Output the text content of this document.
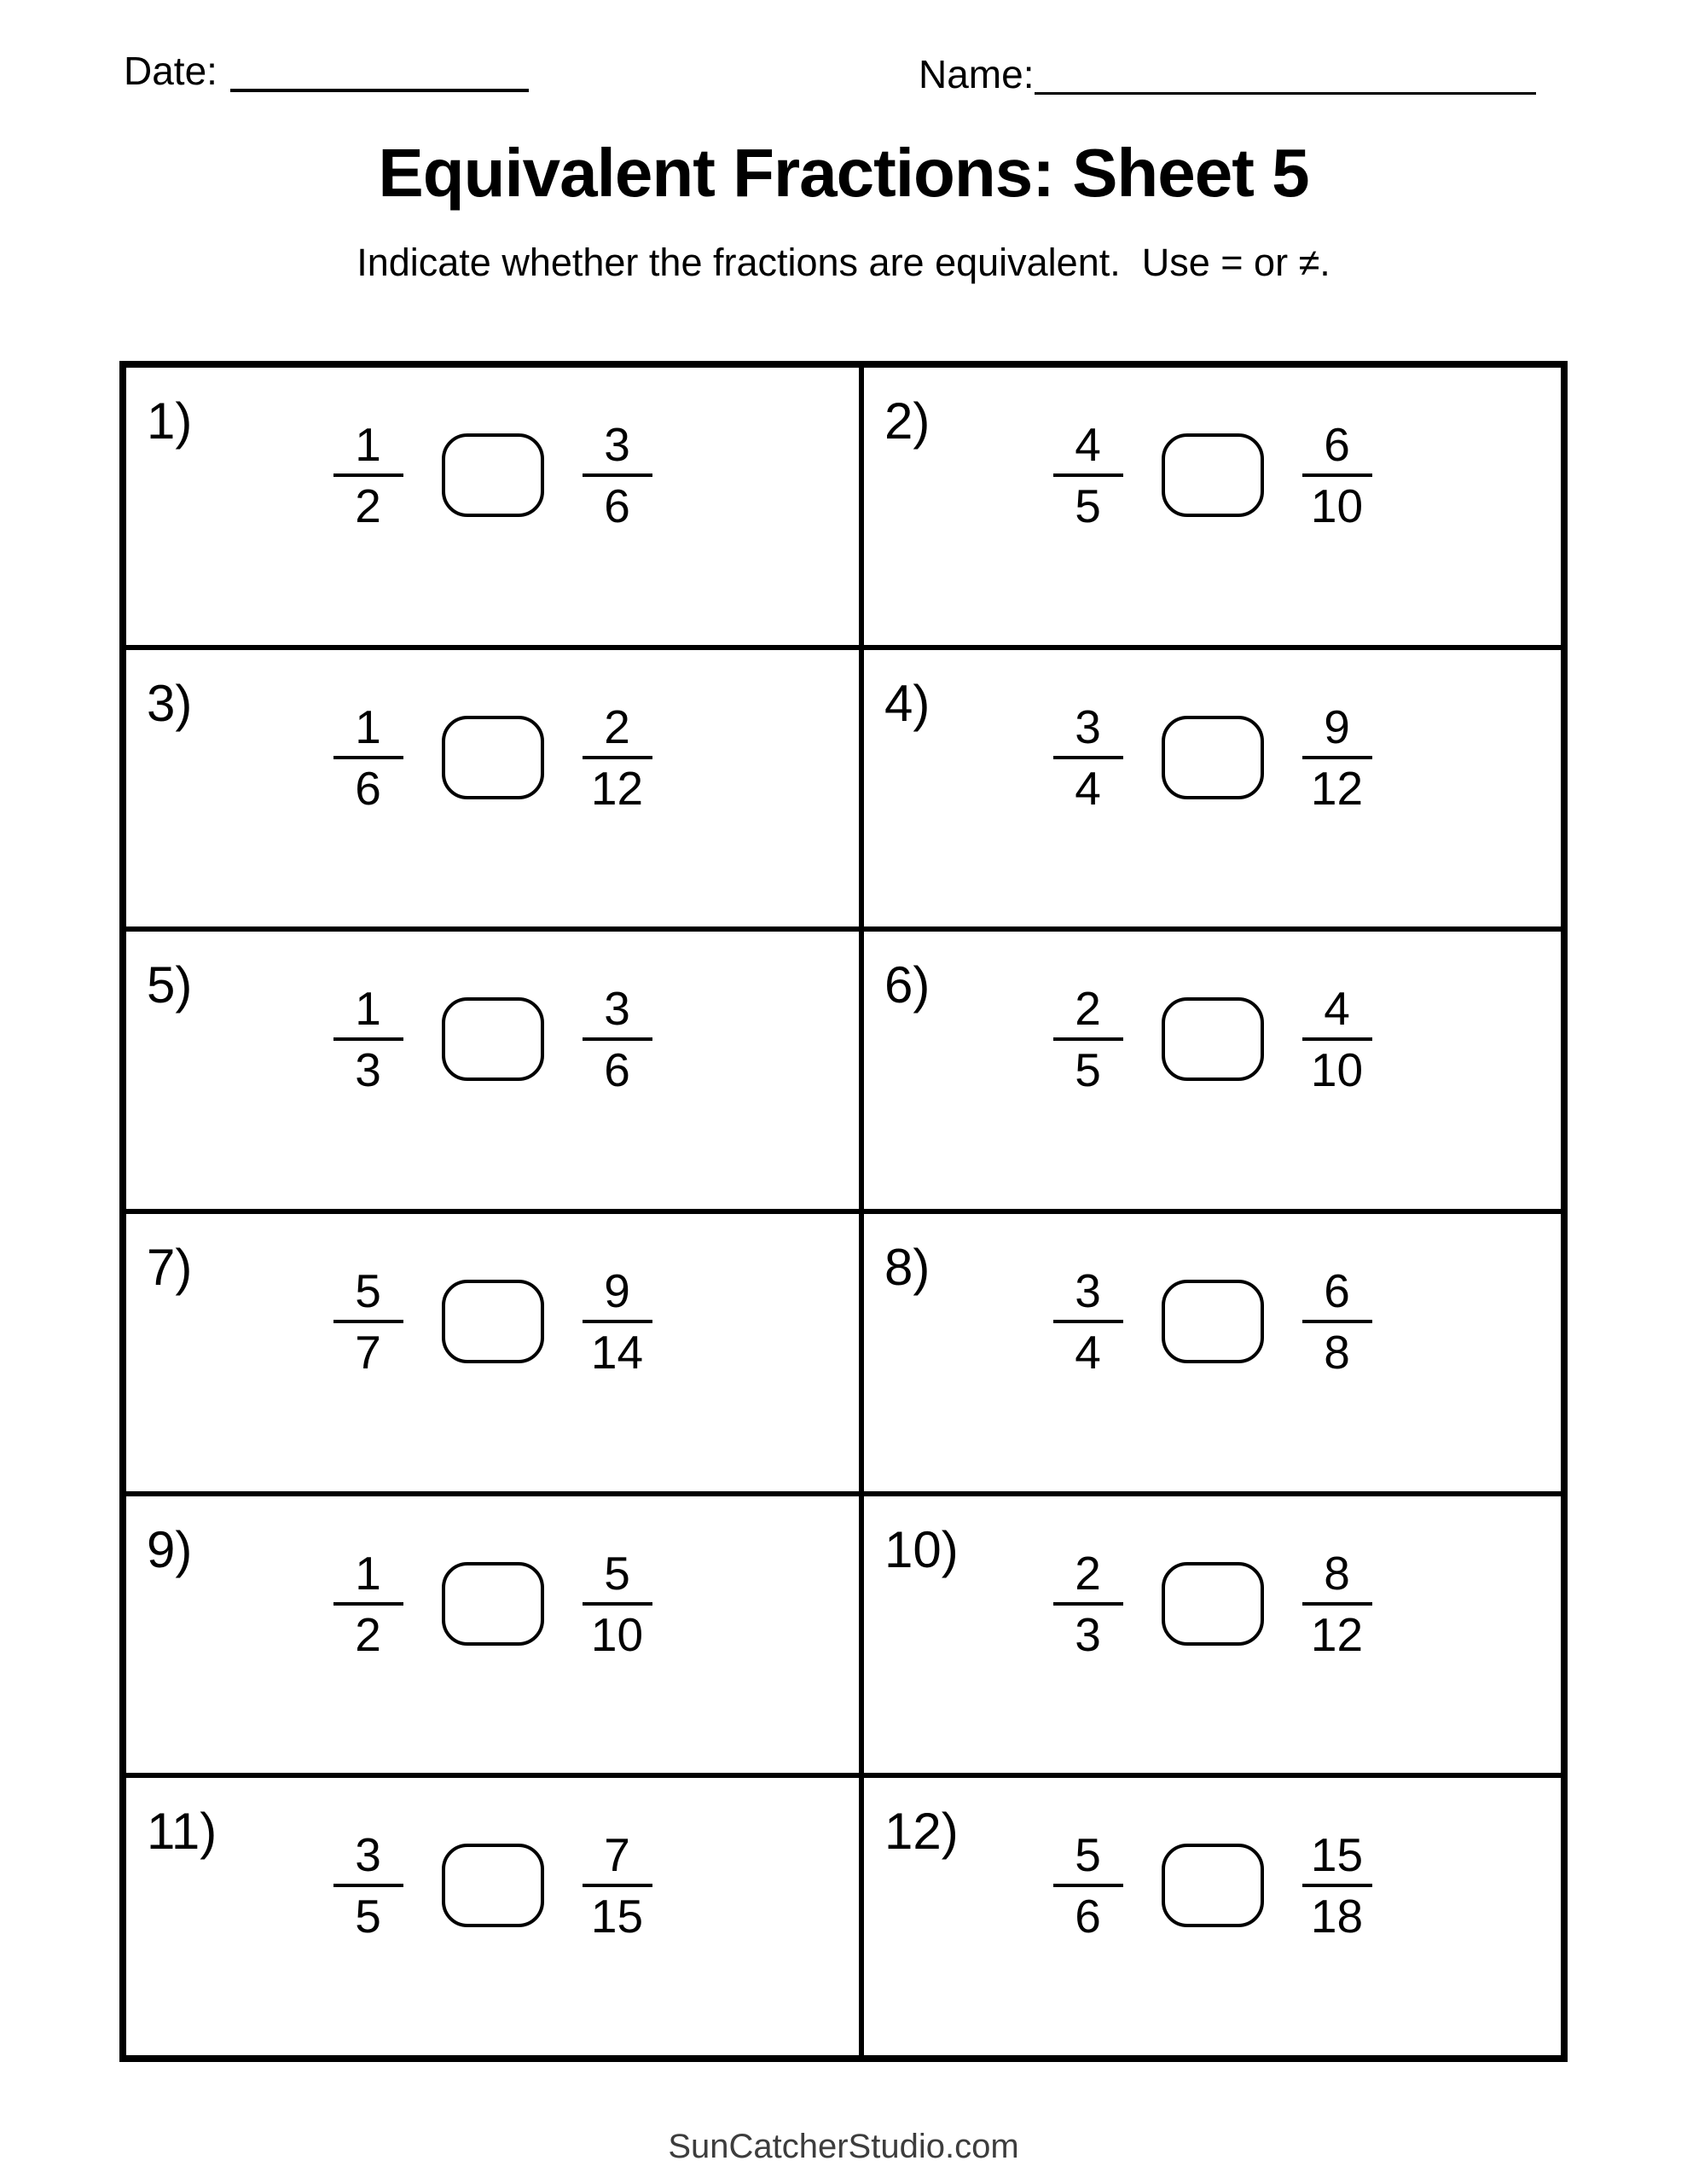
Date:	Name:
Equivalent Fractions: Sheet 5
Indicate whether the fractions are equivalent.  Use = or ≠.
1)	$\frac{1}{2}$	$\frac{3}{6}$	2)	$\frac{4}{5}$	$\frac{6}{10}$
3)	$\frac{1}{6}$	$\frac{2}{12}$	4)	$\frac{3}{4}$	$\frac{9}{12}$
5)	$\frac{1}{3}$	$\frac{3}{6}$	6)	$\frac{2}{5}$	$\frac{4}{10}$
7)	$\frac{5}{7}$	$\frac{9}{14}$	8)	$\frac{3}{4}$	$\frac{6}{8}$
9)	$\frac{1}{2}$	$\frac{5}{10}$	$10) \frac{2}{3}$	$\frac{8}{12}$
$11) \frac{3}{5}$	$\frac{7}{15}$	$12) \frac{5}{6}$	$\frac{15}{18}$
SunCatcherStudio.com
